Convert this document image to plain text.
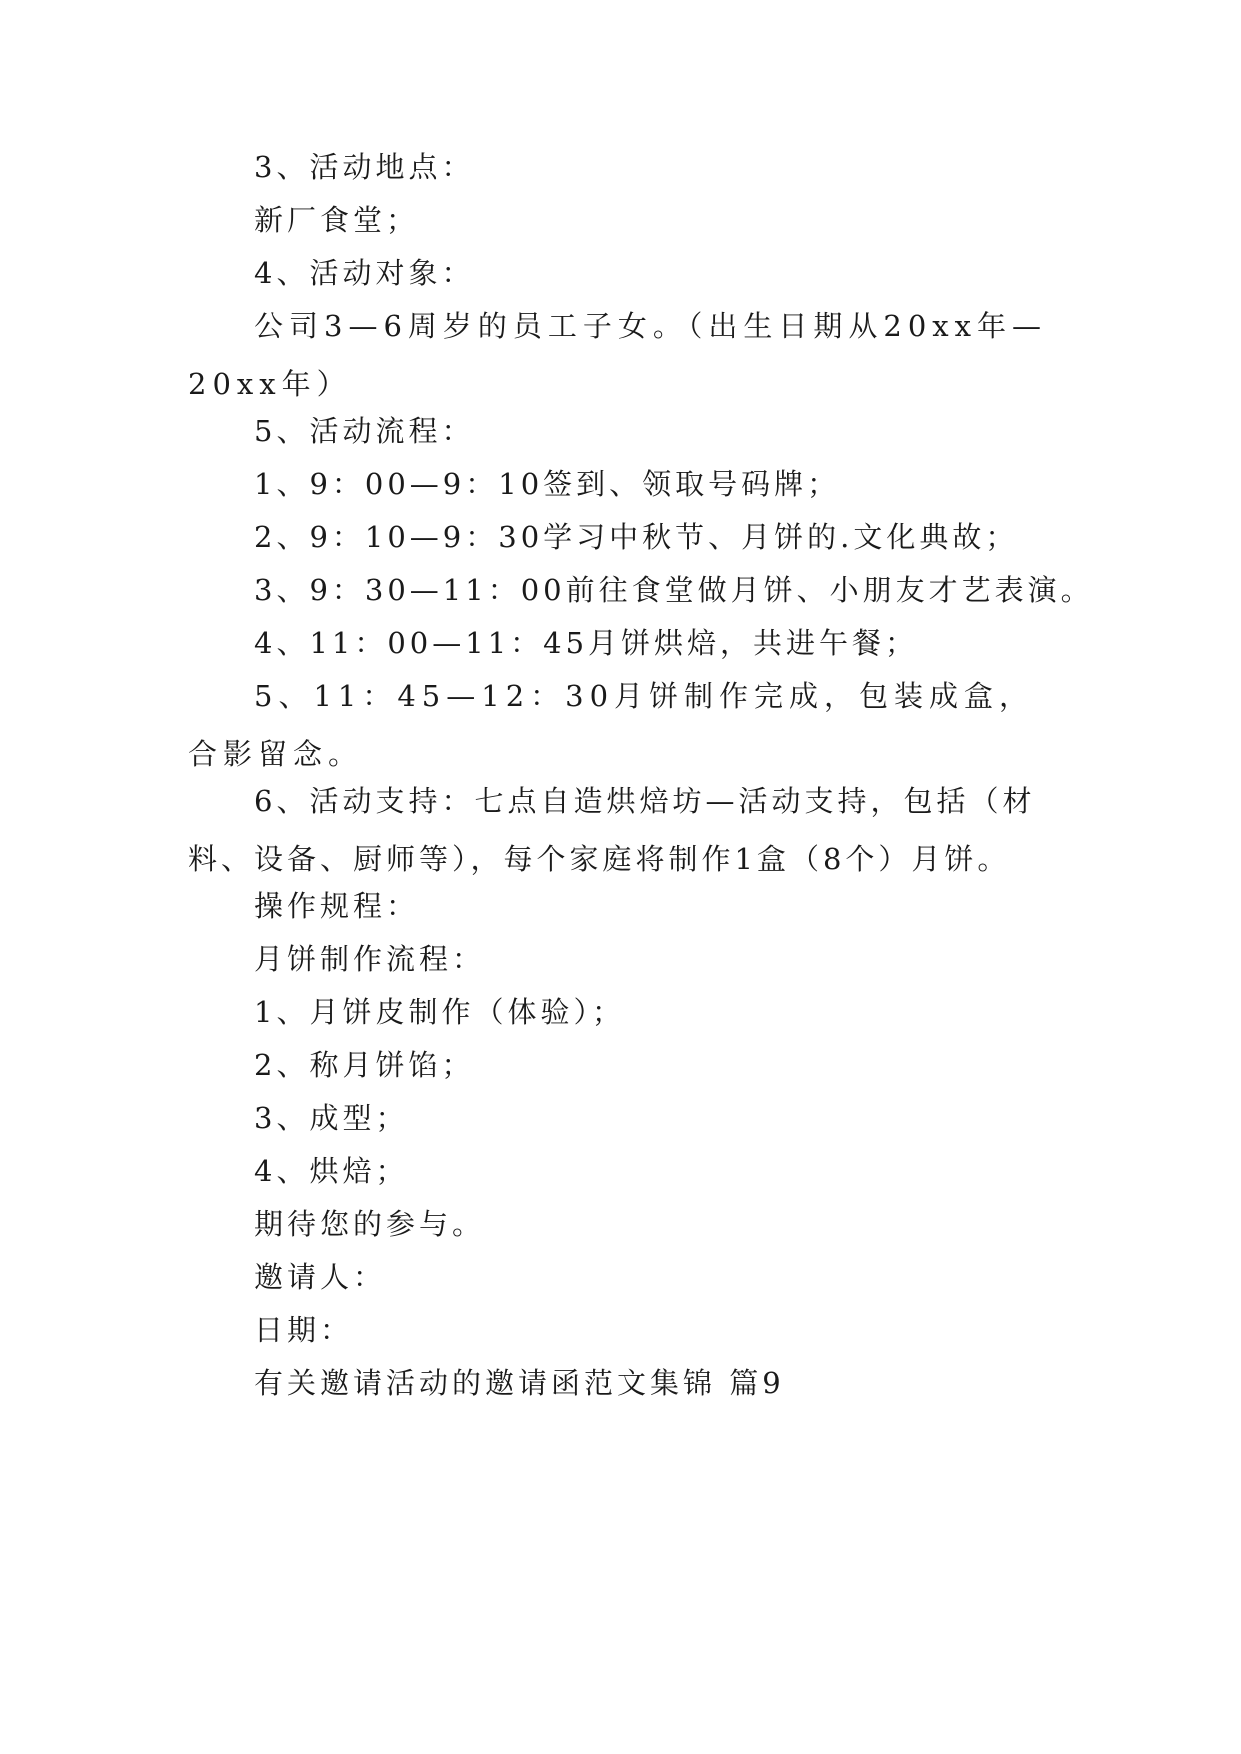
3、活动地点：
新厂食堂；
4、活动对象：
公司3—6周岁的员工子女。（出生日期从20xx年—20xx年）
5、活动流程：
1、9：00—9：10签到、领取号码牌；
2、9：10—9：30学习中秋节、月饼的.文化典故；
3、9：30—11：00前往食堂做月饼、小朋友才艺表演。
4、11：00—11：45月饼烘焙，共进午餐；
5、11：45—12：30月饼制作完成，包装成盒，合影留念。
6、活动支持：七点自造烘焙坊—活动支持，包括（材料、设备、厨师等），每个家庭将制作1盒（8个）月饼。
操作规程：
月饼制作流程：
1、月饼皮制作（体验）；
2、称月饼馅；
3、成型；
4、烘焙；
期待您的参与。
邀请人：
日期：
有关邀请活动的邀请函范文集锦 篇9
